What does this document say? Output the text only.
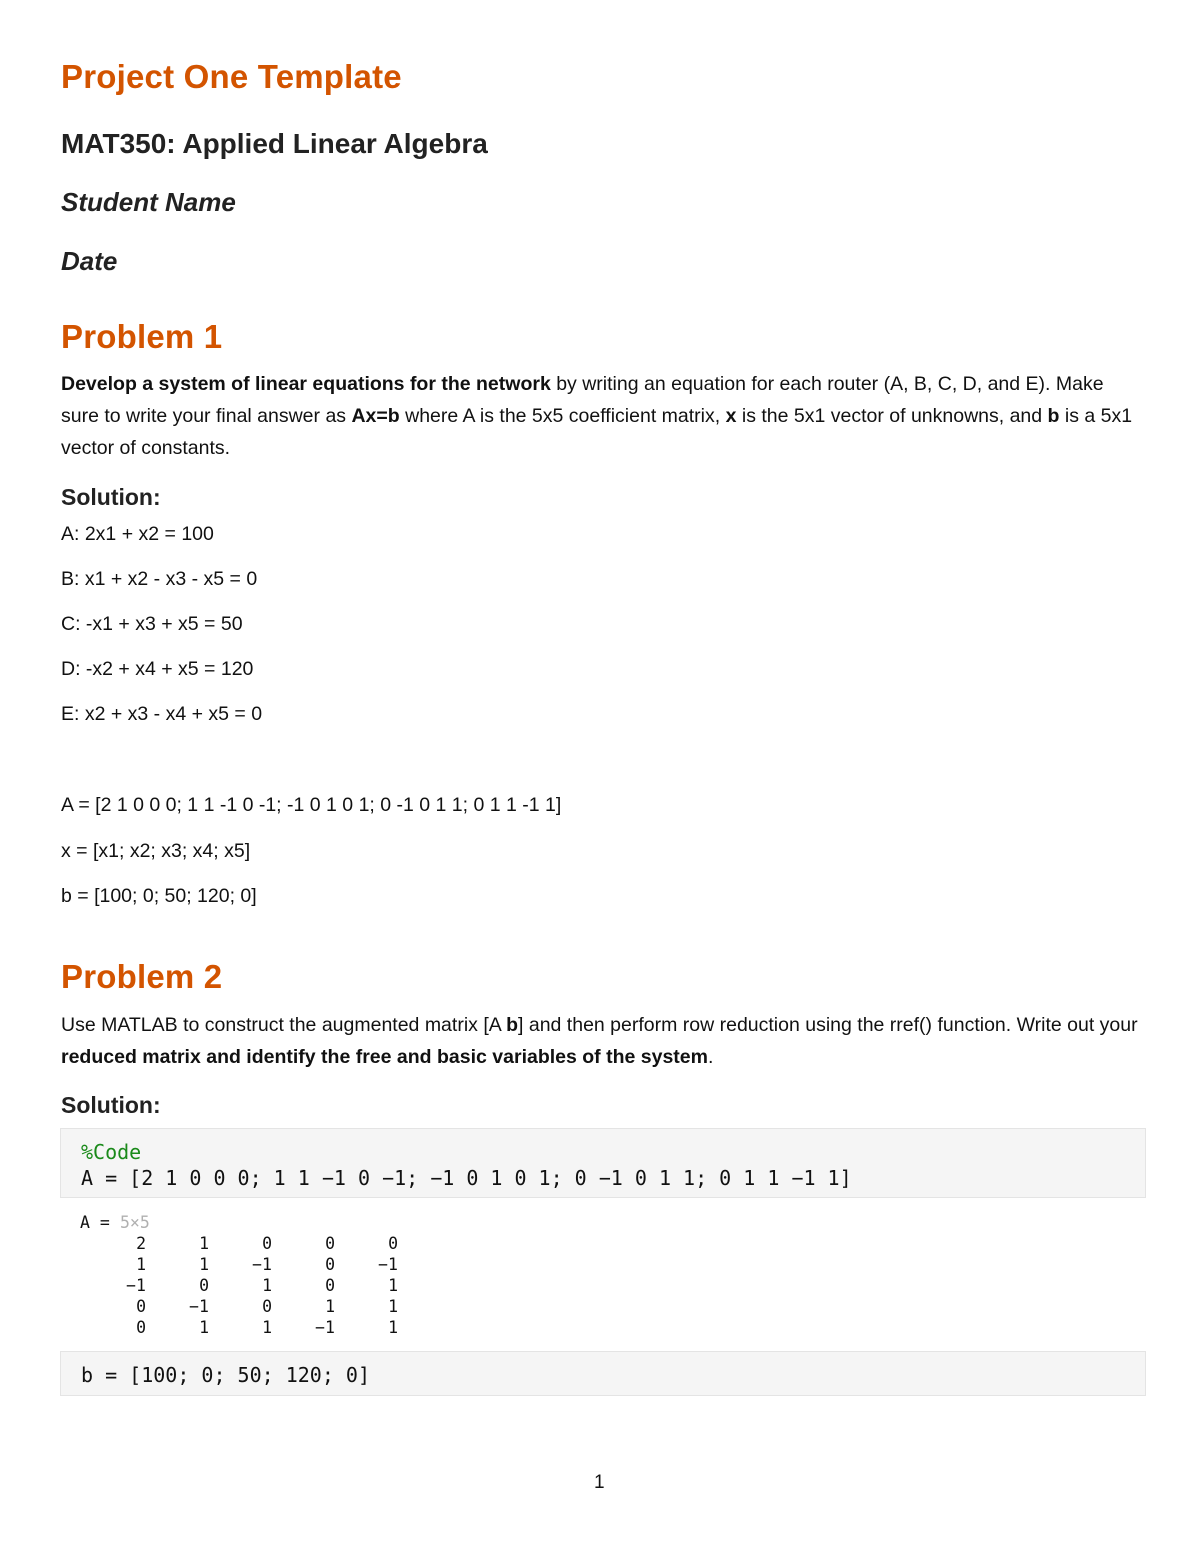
Project One Template
MAT350: Applied Linear Algebra
Student Name
Date
Problem 1

Develop a system of linear equations for the network by writing an equation for each router (A, B, C, D, and E). Make sure to write your final answer as Ax=b where A is the 5x5 coefficient matrix, x is the 5x1 vector of unknowns, and b is a 5x1 vector of constants.

Solution:
A: 2x1 + x2 = 100
B: x1 + x2 - x3 - x5 = 0
C: -x1 + x3 + x5 = 50
D: -x2 + x4 + x5 = 120
E: x2 + x3 - x4 + x5 = 0
A = [2 1 0 0 0; 1 1 -1 0 -1; -1 0 1 0 1; 0 -1 0 1 1; 0 1 1 -1 1]
x = [x1; x2; x3; x4; x5]
b = [100; 0; 50; 120; 0]
Problem 2

Use MATLAB to construct the augmented matrix [A b] and then perform row reduction using the rref() function. Write out your reduced matrix and identify the free and basic variables of the system.

Solution:
%Code
A = [2 1 0 0 0; 1 1 −1 0 −1; −1 0 1 0 1; 0 −1 0 1 1; 0 1 1 −1 1]
A = 5×5
2	1	0	0	0
1	1	−1	0	−1
−1	0	1	0	1
0	−1	0	1	1
0	1	1	−1	1
b = [100; 0; 50; 120; 0]
1
